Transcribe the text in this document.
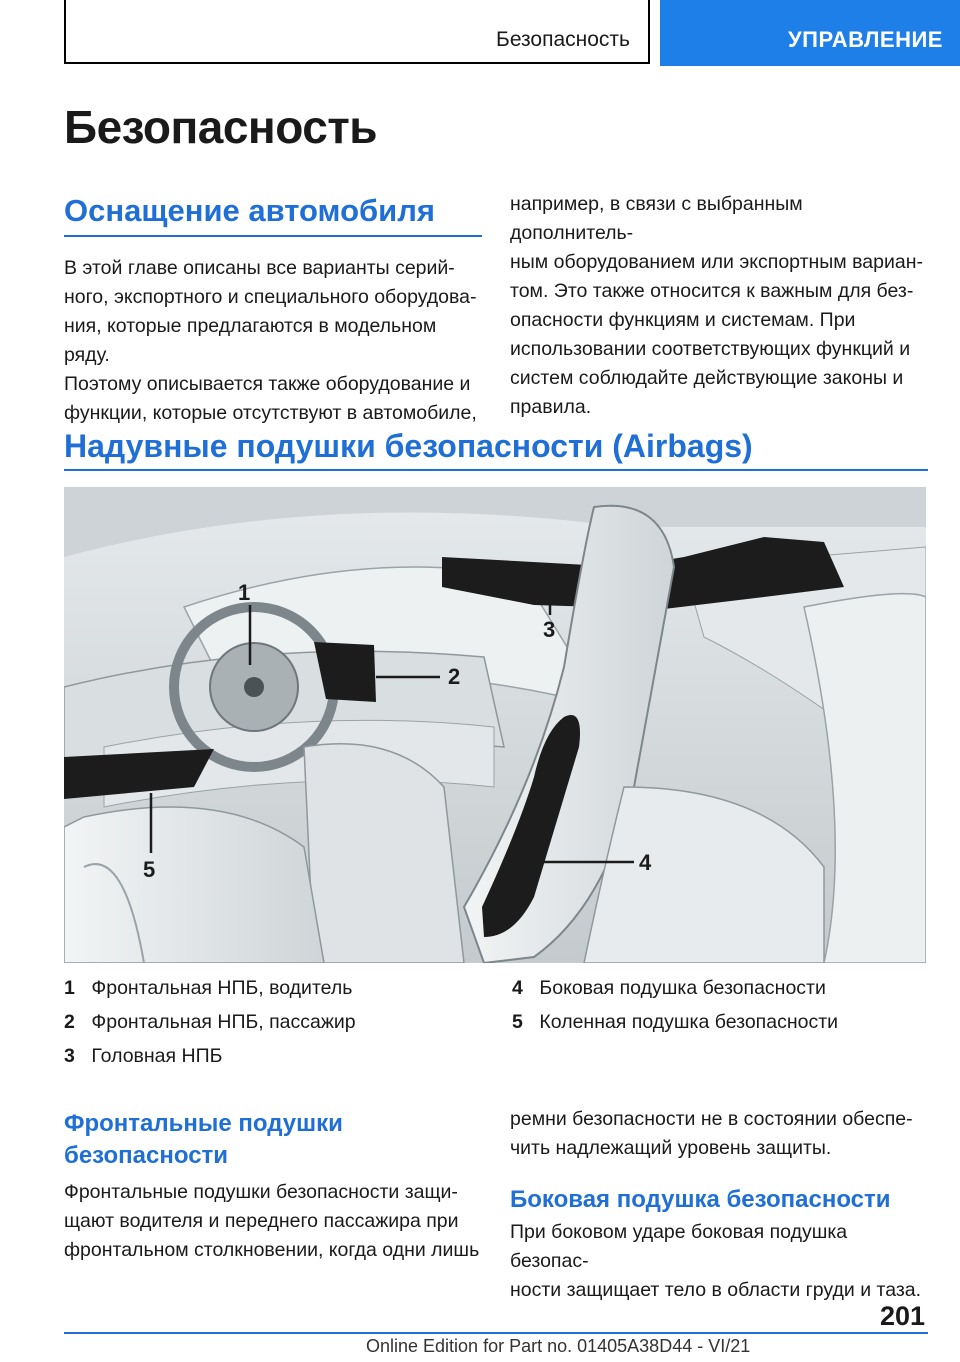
Безопасность	УПРАВЛЕНИЕ
Безопасность
Оснащение автомобиля
В этой главе описаны все варианты серий-
ного, экспортного и специального оборудова-
ния, которые предлагаются в модельном ряду.
Поэтому описывается также оборудование и
функции, которые отсутствуют в автомобиле,
например, в связи с выбранным дополнитель-
ным оборудованием или экспортным вариан-
том. Это также относится к важным для без-
опасности функциям и системам. При
использовании соответствующих функций и
систем соблюдайте действующие законы и
правила.
Надувные подушки безопасности (Airbags)
1
2
3
4
5
1 Фронтальная НПБ, водитель
2 Фронтальная НПБ, пассажир
3 Головная НПБ
4 Боковая подушка безопасности
5 Коленная подушка безопасности
Фронтальные подушки
безопасности
Фронтальные подушки безопасности защи-
щают водителя и переднего пассажира при
фронтальном столкновении, когда одни лишь
ремни безопасности не в состоянии обеспе-
чить надлежащий уровень защиты.
Боковая подушка безопасности
При боковом ударе боковая подушка безопас-
ности защищает тело в области груди и таза.
201
Online Edition for Part no. 01405A38D44 - VI/21
